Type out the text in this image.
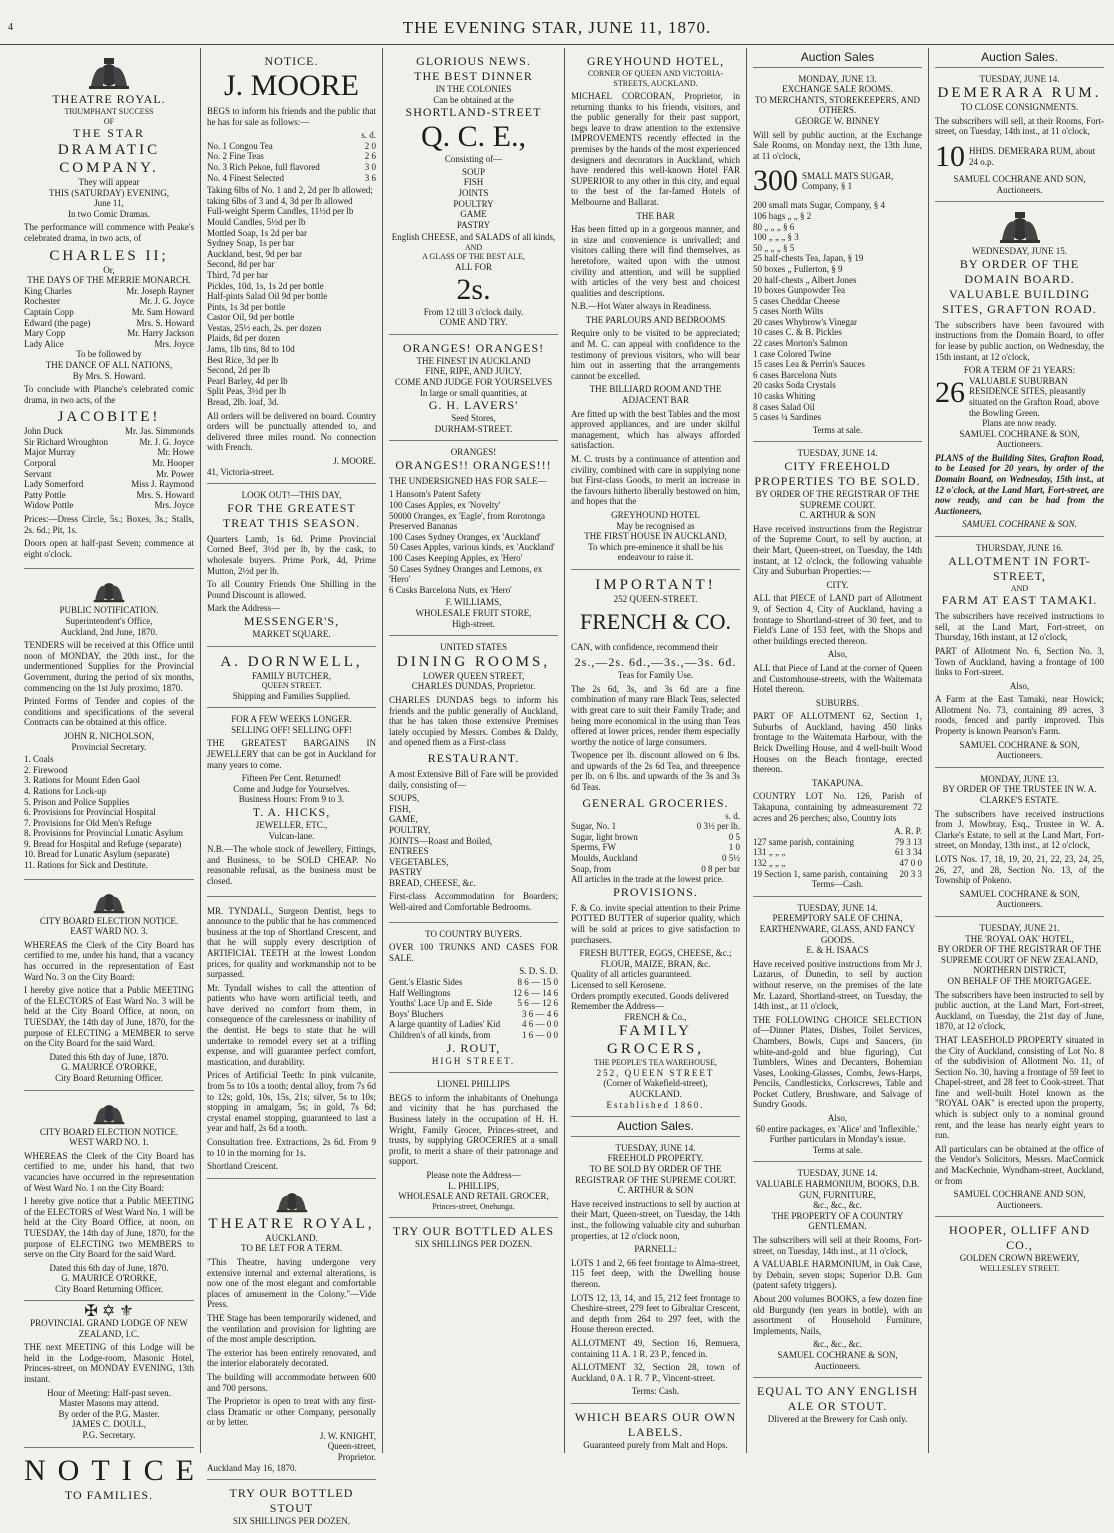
4	THE EVENING STAR, JUNE 11, 1870.
THEATRE ROYAL.
TRIUMPHANT SUCCESS
OF
THE STAR
DRAMATIC COMPANY.
They will appear
THIS (SATURDAY) EVENING,
June 11,
In two Comic Dramas.
The performance will commence with Peake's celebrated drama, in two acts, of
CHARLES II;
Or,
THE DAYS OF THE MERRIE MONARCH.
King Charles	Mr. Joseph Rayner
Rochester	Mr. J. G. Joyce
Captain Copp	Mr. Sam Howard
Edward (the page)	Mrs. S. Howard
Mary Copp	Mr. Harry Jackson
Lady Alice	Mrs. Joyce
To be followed by
THE DANCE OF ALL NATIONS,
By Mrs. S. Howard.
To conclude with Planche's celebrated comic drama, in two acts, of the
JACOBITE!
John Duck	Mr. Jas. Simmonds
Sir Richard Wroughton	Mr. J. G. Joyce
Major Murray	Mr. Howe
Corporal	Mr. Hooper
Servant	Mr. Power
Lady Somerford	Miss J. Raymond
Patty Pottle	Mrs. S. Howard
Widow Pottle	Mrs. Joyce
Prices:—Dress Circle, 5s.; Boxes, 3s.; Stalls, 2s. 6d.; Pit, 1s.
Doors open at half-past Seven; commence at eight o'clock.
PUBLIC NOTIFICATION.
Superintendent's Office,
Auckland, 2nd June, 1870.
TENDERS will be received at this Office until noon of MONDAY, the 20th inst., for the undermentioned Supplies for the Provincial Government, during the period of six months, commencing on the 1st July proximo, 1870.
Printed Forms of Tender and copies of the conditions and specifications of the several Contracts can be obtained at this office.
JOHN R. NICHOLSON,
Provincial Secretary.
1. Coals
2. Firewood
3. Rations for Mount Eden Gaol
4. Rations for Lock-up
5. Prison and Police Supplies
6. Provisions for Provincial Hospital
7. Provisions for Old Men's Refuge
8. Provisions for Provincial Lunatic Asylum
9. Bread for Hospital and Refuge (separate)
10. Bread for Lunatic Asylum (separate)
11. Rations for Sick and Destitute.
CITY BOARD ELECTION NOTICE.
EAST WARD NO. 3.
WHEREAS the Clerk of the City Board has certified to me, under his hand, that a vacancy has occurred in the representation of East Ward No. 3 on the City Board:
I hereby give notice that a Public MEETING of the ELECTORS of East Ward No. 3 will be held at the City Board Office, at noon, on TUESDAY, the 14th day of June, 1870, for the purpose of ELECTING a MEMBER to serve on the City Board for the said Ward.
Dated this 6th day of June, 1870.
G. MAURICE O'RORKE,
City Board Returning Officer.
CITY BOARD ELECTION NOTICE.
WEST WARD NO. 1.
WHEREAS the Clerk of the City Board has certified to me, under his hand, that two vacancies have occurred in the representation of West Ward No. 1 on the City Board:
I hereby give notice that a Public MEETING of the ELECTORS of West Ward No. 1 will be held at the City Board Office, at noon, on TUESDAY, the 14th day of June, 1870, for the purpose of ELECTING two MEMBERS to serve on the City Board for the said Ward.
Dated this 6th day of June, 1870.
G. MAURICE O'RORKE,
City Board Returning Officer.
✠ ✡ ⚜
PROVINCIAL GRAND LODGE OF NEW ZEALAND, I.C.
THE next MEETING of this Lodge will be held in the Lodge-room, Masonic Hotel, Princes-street, on MONDAY EVENING, 13th instant.
Hour of Meeting: Half-past seven.
Master Masons may attend.
By order of the P.G. Master.
JAMES C. DOULL,
P.G. Secretary.
NOTICE
TO FAMILIES.
NOTICE.
J. MOORE
BEGS to inform his friends and the public that he has for sale as follows:—
s. d.
No. 1 Congou Tea	2 0
No. 2 Fine Teas	2 6
No. 3 Rich Pekoe, full flavored	3 0
No. 4 Finest Selected	3 6
Taking 6lbs of No. 1 and 2, 2d per lb allowed; taking 6lbs of 3 and 4, 3d per lb allowed
Full-weight Sperm Candles, 11½d per lb
Mould Candles, 5½d per lb
Mottled Soap, 1s 2d per bar
Sydney Soap, 1s per bar
Auckland, best, 9d per bar
Second, 8d per bar
Third, 7d per bar
Pickles, 10d, 1s, 1s 2d per bottle
Half-pints Salad Oil 9d per bottle
Pints, 1s 3d per bottle
Castor Oil, 9d per bottle
Vestas, 25½ each, 2s. per dozen
Plaids, 8d per dozen
Jams, 1lb tins, 8d to 10d
Best Rice, 3d per lb
Second, 2d per lb
Pearl Barley, 4d per lb
Split Peas, 3½d per lb
Bread, 2lb. loaf, 3d.
All orders will be delivered on board. Country orders will be punctually attended to, and delivered three miles round. No connection with French.
J. MOORE.
41, Victoria-street.
LOOK OUT!—THIS DAY,
FOR THE GREATEST TREAT THIS SEASON.
Quarters Lamb, 1s 6d. Prime Provincial Corned Beef, 3½d per lb, by the cask, to wholesale buyers. Prime Pork, 4d, Prime Mutton, 2½d per lb.
To all Country Friends One Shilling in the Pound Discount is allowed.
Mark the Address—
MESSENGER'S,
MARKET SQUARE.
A. DORNWELL,
FAMILY BUTCHER,
QUEEN STREET.
Shipping and Families Supplied.
FOR A FEW WEEKS LONGER.
SELLING OFF! SELLING OFF!
THE GREATEST BARGAINS IN JEWELLERY that can be got in Auckland for many years to come.
Fifteen Per Cent. Returned!
Come and Judge for Yourselves.
Business Hours: From 9 to 3.
T. A. HICKS,
JEWELLER, ETC.,
Vulcan-lane.
N.B.—The whole stock of Jewellery, Fittings, and Business, to be SOLD CHEAP. No reasonable refusal, as the business must be closed.
MR. TYNDALL, Surgeon Dentist, begs to announce to the public that he has commenced business at the top of Shortland Crescent, and that he will supply every description of ARTIFICIAL TEETH at the lowest London prices, for quality and workmanship not to be surpassed.
Mr. Tyndall wishes to call the attention of patients who have worn artificial teeth, and have derived no comfort from them, in consequence of the carelessness or inability of the dentist. He begs to state that he will undertake to remodel every set at a trifling expense, and will guarantee perfect comfort, mastication, and durability.
Prices of Artificial Teeth: In pink vulcanite, from 5s to 10s a tooth; dental alloy, from 7s 6d to 12s; gold, 10s, 15s, 21s; silver, 5s to 10s; stopping in amalgam, 5s; in gold, 7s 6d; crystal enamel stopping, guaranteed to last a year and half, 2s 6d a tooth.
Consultation free. Extractions, 2s 6d. From 9 to 10 in the morning for 1s.
Shortland Crescent.
THEATRE ROYAL,
AUCKLAND.
TO BE LET FOR A TERM.
"This Theatre, having undergone very extensive internal and external alterations, is now one of the most elegant and comfortable places of amusement in the Colony."—Vide Press.
THE Stage has been temporarily widened, and the ventilation and provision for lighting are of the most ample description.
The exterior has been entirely renovated, and the interior elaborately decorated.
The building will accommodate between 600 and 700 persons.
The Proprietor is open to treat with any first-class Dramatic or other Company, personally or by letter.
J. W. KNIGHT,
Queen-street,
Proprietor.
Auckland May 16, 1870.
TRY OUR BOTTLED STOUT
SIX SHILLINGS PER DOZEN.
GLORIOUS NEWS.
THE BEST DINNER
IN THE COLONIES
Can be obtained at the
SHORTLAND-STREET
Q. C. E.,
Consisting of—
SOUP
FISH
JOINTS
POULTRY
GAME
PASTRY
English CHEESE, and SALADS of all kinds,
AND
A GLASS OF THE BEST ALE,
ALL FOR
2s.
From 12 till 3 o'clock daily.
COME AND TRY.
ORANGES! ORANGES!
THE FINEST IN AUCKLAND
FINE, RIPE, AND JUICY.
COME AND JUDGE FOR YOURSELVES
In large or small quantities, at
G. H. LAVERS'
Seed Stores,
DURHAM-STREET.
ORANGES!
ORANGES!! ORANGES!!!
THE UNDERSIGNED HAS FOR SALE—
1 Hansom's Patent Safety
100 Cases Apples, ex 'Novelty'
50000 Oranges, ex 'Eagle', from Rorotonga
Preserved Bananas
100 Cases Sydney Oranges, ex 'Auckland'
50 Cases Apples, various kinds, ex 'Auckland'
100 Cases Keeping Apples, ex 'Hero'
50 Cases Sydney Oranges and Lemons, ex 'Hero'
6 Casks Barcelona Nuts, ex 'Hero'
F. WILLIAMS,
WHOLESALE FRUIT STORE,
High-street.
UNITED STATES
DINING ROOMS,
LOWER QUEEN STREET,
CHARLES DUNDAS, Proprietor.
CHARLES DUNDAS begs to inform his friends and the public generally of Auckland, that he has taken those extensive Premises lately occupied by Messrs. Combes & Daldy, and opened them as a First-class
RESTAURANT.
A most Extensive Bill of Fare will be provided daily, consisting of—
SOUPS,
FISH,
GAME,
POULTRY,
JOINTS—Roast and Boiled,
ENTREES
VEGETABLES,
PASTRY
BREAD, CHEESE, &c.
First-class Accommodation for Boarders; Well-aired and Comfortable Bedrooms.
TO COUNTRY BUYERS.
OVER 100 TRUNKS AND CASES FOR SALE.
S. D. S. D.
Gent.'s Elastic Sides	8 6 — 15 0
Half Wellingtons	12 6 — 14 6
Youths' Lace Up and E. Side	5 6 — 12 6
Boys' Bluchers	3 6 — 4 6
A large quantity of Ladies' Kid 4 6 — 0 0
Children's of all kinds, from	1 6 — 0 0
J. ROUT,
HIGH STREET.
LIONEL PHILLIPS
BEGS to inform the inhabitants of Onehunga and vicinity that he has purchased the Business lately in the occupation of H. H. Wright, Family Grocer, Princes-street, and trusts, by supplying GROCERIES at a small profit, to merit a share of their patronage and support.
Please note the Address—
L. PHILLIPS,
WHOLESALE AND RETAIL GROCER,
Princes-street, Onehunga.
TRY OUR BOTTLED ALES
SIX SHILLINGS PER DOZEN.
GREYHOUND HOTEL,
CORNER OF QUEEN AND VICTORIA-STREETS, AUCKLAND.
MICHAEL CORCORAN, Proprietor, in returning thanks to his friends, visitors, and the public generally for their past support, begs leave to draw attention to the extensive IMPROVEMENTS recently effected in the premises by the hands of the most experienced designers and decorators in Auckland, which have rendered this well-known Hotel FAR SUPERIOR to any other in this city, and equal to the best of the far-famed Hotels of Melbourne and Ballarat.
THE BAR
Has been fitted up in a gorgeous manner, and in size and convenience is unrivalled; and visitors calling there will find themselves, as heretofore, waited upon with the utmost civility and attention, and will be supplied with articles of the very best and choicest qualities and descriptions.
N.B.—Hot Water always in Readiness.
THE PARLOURS AND BEDROOMS
Require only to be visited to be appreciated; and M. C. can appeal with confidence to the testimony of previous visitors, who will bear him out in asserting that the arrangements cannot be excelled.
THE BILLIARD ROOM AND THE ADJACENT BAR
Are fitted up with the best Tables and the most approved appliances, and are under skilful management, which has always afforded satisfaction.
M. C. trusts by a continuance of attention and civility, combined with care in supplying none but First-class Goods, to merit an increase in the favours hitherto liberally bestowed on him, and hopes that the
GREYHOUND HOTEL
May be recognised as
THE FIRST HOUSE IN AUCKLAND,
To which pre-eminence it shall be his endeavour to raise it.
IMPORTANT!
252 QUEEN-STREET.
FRENCH & CO.
CAN, with confidence, recommend their
2s.,—2s. 6d.,—3s.,—3s. 6d.
Teas for Family Use.
The 2s 6d, 3s, and 3s 6d are a fine combination of many rare Black Teas, selected with great care to suit their Family Trade; and being more economical in the using than Teas offered at lower prices, render them especially worthy the notice of large consumers.
Twopence per lb. discount allowed on 6 lbs. and upwards of the 2s 6d Tea, and threepence per lb. on 6 lbs. and upwards of the 3s and 3s 6d Teas.
GENERAL GROCERIES.
s. d.
Sugar, No. 1	0 3½ per lb.
Sugar, light brown	0 5
Sperms, FW	1 0
Moulds, Auckland	0 5½
Soap, from	0 8 per bar
All articles in the trade at the lowest price.
PROVISIONS.
F. & Co. invite special attention to their Prime POTTED BUTTER of superior quality, which will be sold at prices to give satisfaction to purchasers.
FRESH BUTTER, EGGS, CHEESE, &c.;
FLOUR, MAIZE, BRAN, &c.
Quality of all articles guaranteed.
Licensed to sell Kerosene.
Orders promptly executed. Goods delivered
Remember the Address—
FRENCH & Co.,
FAMILY GROCERS,
THE PEOPLE'S TEA WAREHOUSE,
252, QUEEN STREET
(Corner of Wakefield-street),
AUCKLAND.
Established 1860.
Auction Sales.
TUESDAY, JUNE 14.
FREEHOLD PROPERTY.
TO BE SOLD BY ORDER OF THE REGISTRAR OF THE SUPREME COURT.
C. ARTHUR & SON
Have received instructions to sell by auction at their Mart, Queen-street, on Tuesday, the 14th inst., the following valuable city and suburban properties, at 12 o'clock noon,
PARNELL:
LOTS 1 and 2, 66 feet frontage to Alma-street, 115 feet deep, with the Dwelling house thereon.
LOTS 12, 13, 14, and 15, 212 feet frontage to Cheshire-street, 279 feet to Gibraltar Crescent, and depth from 264 to 297 feet, with the House thereon erected.
ALLOTMENT 49, Section 16, Remuera, containing 11 A. 1 R. 23 P., fenced in.
ALLOTMENT 32, Section 28, town of Auckland, 0 A. 1 R. 7 P., Vincent-street.
Terms: Cash.
WHICH BEARS OUR OWN LABELS.
Guaranteed purely from Malt and Hops.
Auction Sales
MONDAY, JUNE 13.
EXCHANGE SALE ROOMS.
TO MERCHANTS, STOREKEEPERS, AND OTHERS.
GEORGE W. BINNEY
Will sell by public auction, at the Exchange Sale Rooms, on Monday next, the 13th June, at 11 o'clock,
300 SMALL MATS SUGAR, Company, § 1
200 small mats Sugar, Company, § 4
106 bags „ „ § 2
80 „ „ „ § 6
100 „ „ „ § 3
50 „ „ „ § 5
25 half-chests Tea, Japan, § 19
50 boxes „ Fullerton, § 9
20 half-chests „ Albert Jones
10 boxes Gunpowder Tea
5 cases Cheddar Cheese
5 cases North Wilts
20 cases Whybrow's Vinegar
10 cases C. & B. Pickles
22 cases Morton's Salmon
1 case Colored Twine
15 cases Lea & Perrin's Sauces
6 cases Barcelona Nuts
20 casks Soda Crystals
10 casks Whiting
8 cases Salad Oil
5 cases ¼ Sardines
Terms at sale.
TUESDAY, JUNE 14.
CITY FREEHOLD PROPERTIES TO BE SOLD.
BY ORDER OF THE REGISTRAR OF THE SUPREME COURT.
C. ARTHUR & SON
Have received instructions from the Registrar of the Supreme Court, to sell by auction, at their Mart, Queen-street, on Tuesday, the 14th instant, at 12 o'clock, the following valuable City and Suburban Properties:—
CITY.
ALL that PIECE of LAND part of Allotment 9, of Section 4, City of Auckland, having a frontage to Shortland-street of 30 feet, and to Field's Lane of 153 feet, with the Shops and other buildings erected thereon.
Also,
ALL that Piece of Land at the corner of Queen and Customhouse-streets, with the Waitemata Hotel thereon.
SUBURBS.
PART OF ALLOTMENT 62, Section 1, Suburbs of Auckland, having 450 links frontage to the Waitemata Harbour, with the Brick Dwelling House, and 4 well-built Wood Houses on the Beach frontage, erected thereon.
TAKAPUNA.
COUNTRY LOT No. 126, Parish of Takapuna, containing by admeasurement 72 acres and 26 perches; also, Country lots
A. R. P.
127 same parish, containing	79 3 13
131 „ „ „	61 3 34
132 „ „ „	47 0 0
19 Section 1, same parish, containing 20 3 3
Terms—Cash.
TUESDAY, JUNE 14.
PEREMPTORY SALE OF CHINA, EARTHENWARE, GLASS, AND FANCY GOODS.
E. & H. ISAACS
Have received positive instructions from Mr J. Lazarus, of Dunedin, to sell by auction without reserve, on the premises of the late Mr. Lazard, Shortland-street, on Tuesday, the 14th inst., at 11 o'clock,
THE FOLLOWING CHOICE SELECTION of—Dinner Plates, Dishes, Toilet Services, Chambers, Bowls, Cups and Saucers, (in white-and-gold and blue figuring), Cut Tumblers, Wines and Decanters, Bohemian Vases, Looking-Glasses, Combs, Jews-Harps, Pencils, Candlesticks, Corkscrews, Table and Pocket Cutlery, Brushware, and Salvage of Sundry Goods.
Also,
60 entire packages, ex 'Alice' and 'Inflexible.'
Further particulars in Monday's issue.
Terms at sale.
TUESDAY, JUNE 14.
VALUABLE HARMONIUM, BOOKS, D.B. GUN, FURNITURE,
&c., &c., &c.
THE PROPERTY OF A COUNTRY GENTLEMAN.
The subscribers will sell at their Rooms, Fort-street, on Tuesday, 14th inst., at 11 o'clock,
A VALUABLE HARMONIUM, in Oak Case, by Debain, seven stops; Superior D.B. Gun (patent safety triggers).
About 200 volumes BOOKS, a few dozen fine old Burgundy (ten years in bottle), with an assortment of Household Furniture, Implements, Nails,
&c., &c., &c.
SAMUEL COCHRANE & SON,
Auctioneers.
EQUAL TO ANY ENGLISH ALE OR STOUT.
Dlivered at the Brewery for Cash only.
Auction Sales.
TUESDAY, JUNE 14.
DEMERARA RUM.
TO CLOSE CONSIGNMENTS.
The subscribers will sell, at their Rooms, Fort-street, on Tuesday, 14th inst., at 11 o'clock,
10 HHDS. DEMERARA RUM, about 24 o.p.
SAMUEL COCHRANE AND SON,
Auctioneers.
WEDNESDAY, JUNE 15.
BY ORDER OF THE DOMAIN BOARD.
VALUABLE BUILDING SITES, GRAFTON ROAD.
The subscribers have been favoured with instructions from the Domain Board, to offer for lease by public auction, on Wednesday, the 15th instant, at 12 o'clock,
FOR A TERM OF 21 YEARS:
26 VALUABLE SUBURBAN RESIDENCE SITES, pleasantly situated on the Grafton Road, above the Bowling Green.
Plans are now ready.
SAMUEL COCHRANE & SON,
Auctioneers.
PLANS of the Building Sites, Grafton Road, to be Leased for 20 years, by order of the Domain Board, on Wednesday, 15th inst., at 12 o'clock, at the Land Mart, Fort-street, are now ready, and can be had from the Auctioneers,
SAMUEL COCHRANE & SON.
THURSDAY, JUNE 16.
ALLOTMENT IN FORT-STREET,
AND
FARM AT EAST TAMAKI.
The subscribers have received instructions to sell, at the Land Mart, Fort-street, on Thursday, 16th instant, at 12 o'clock,
PART of Allotment No. 6, Section No. 3, Town of Auckland, having a frontage of 100 links to Fort-street.
Also,
A Farm at the East Tamaki, near Howick; Allotment No. 73, containing 89 acres, 3 roods, fenced and partly improved. This Property is known Pearson's Farm.
SAMUEL COCHRANE & SON,
Auctioneers.
MONDAY, JUNE 13.
BY ORDER OF THE TRUSTEE IN W. A. CLARKE'S ESTATE.
The subscribers have received instructions from J. Mowbray, Esq., Trustee in W. A. Clarke's Estate, to sell at the Land Mart, Fort-street, on Monday, 13th inst., at 12 o'clock,
LOTS Nos. 17, 18, 19, 20, 21, 22, 23, 24, 25, 26, 27, and 28, Section No. 13, of the Township of Pokeno.
SAMUEL COCHRANE & SON,
Auctioneers.
TUESDAY, JUNE 21.
THE 'ROYAL OAK' HOTEL,
BY ORDER OF THE REGISTRAR OF THE SUPREME COURT OF NEW ZEALAND, NORTHERN DISTRICT,
ON BEHALF OF THE MORTGAGEE.
The subscribers have been instructed to sell by public auction, at the Land Mart, Fort-street, Auckland, on Tuesday, the 21st day of June, 1870, at 12 o'clock,
THAT LEASEHOLD PROPERTY situated in the City of Auckland, consisting of Lot No. 8 of the subdivision of Allotment No. 11, of Section No. 30, having a frontage of 59 feet to Chapel-street, and 28 feet to Cook-street. That fine and well-built Hotel known as the "ROYAL OAK" is erected upon the property, which is subject only to a nominal ground rent, and the lease has nearly eight years to run.
All particulars can be obtained at the office of the Vendor's Solicitors, Messrs. MacCormick and MacKechnie, Wyndham-street, Auckland, or from
SAMUEL COCHRANE AND SON,
Auctioneers.
HOOPER, OLLIFF AND CO.,
GOLDEN CROWN BREWERY,
WELLESLEY STREET.
